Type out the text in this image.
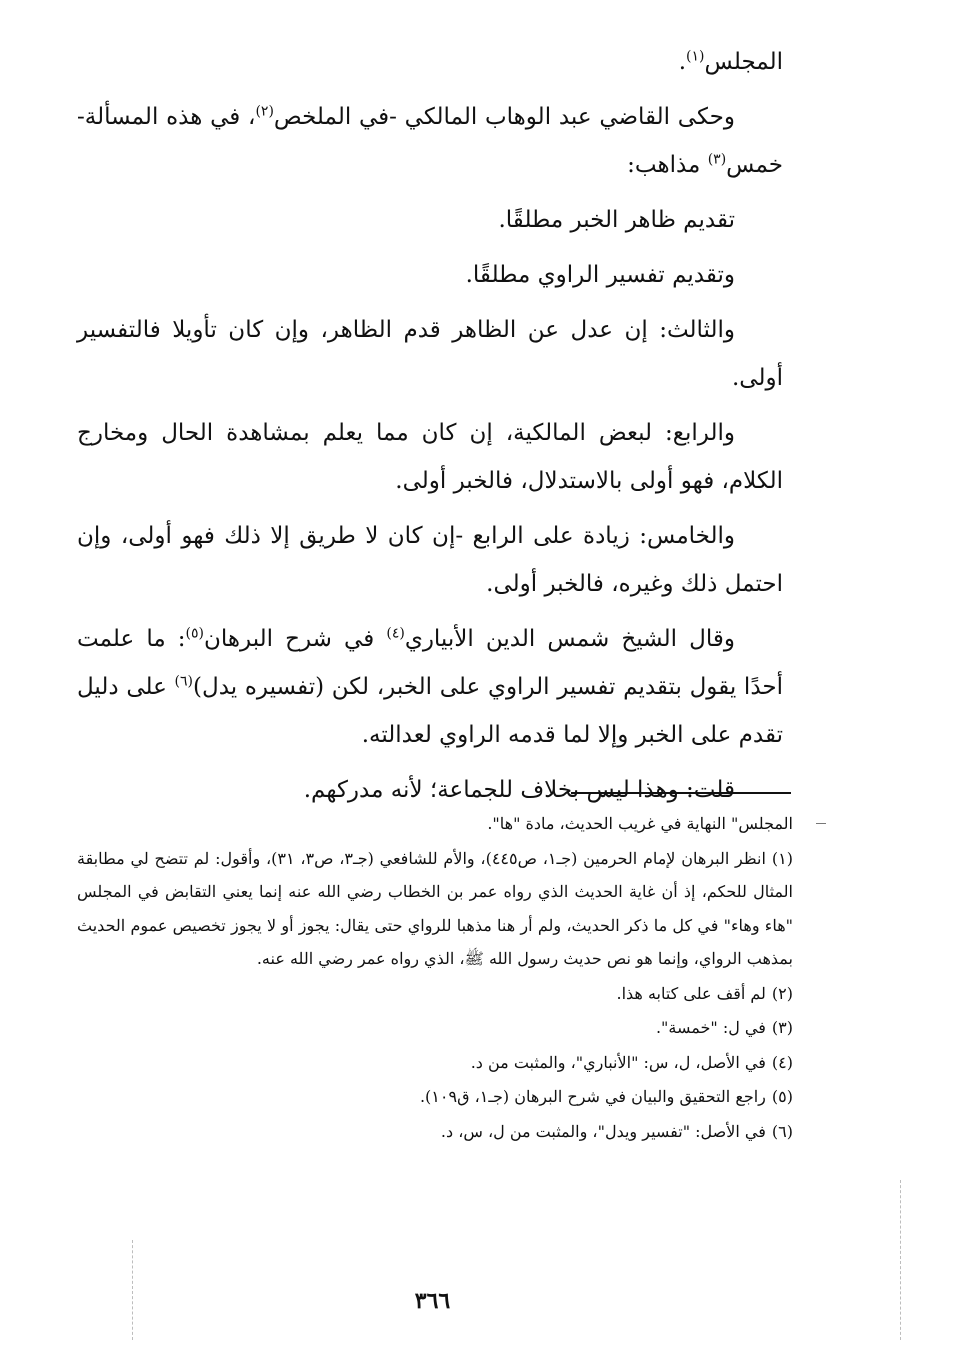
المجلس$^{(١)}$.

وحكى القاضي عبد الوهاب المالكي -في الملخص$^{(٢)}$، في هذه المسألة- خمس$^{(٣)}$ مذاهب:

تقديم ظاهر الخبر مطلقًا.

وتقديم تفسير الراوي مطلقًا.

والثالث: إن عدل عن الظاهر قدم الظاهر، وإن كان تأويلا فالتفسير أولى.

والرابع: لبعض المالكية، إن كان مما يعلم بمشاهدة الحال ومخارج الكلام، فهو أولى بالاستدلال، فالخبر أولى.

والخامس: زيادة على الرابع -إن كان لا طريق إلا ذلك فهو أولى، وإن احتمل ذلك وغيره، فالخبر أولى.

وقال الشيخ شمس الدين الأبياري$^{(٤)}$ في شرح البرهان$^{(٥)}$: ما علمت أحدًا يقول بتقديم تفسير الراوي على الخبر، لكن (تفسيره يدل)$^{(٦)}$ على دليل تقدم على الخبر وإلا لما قدمه الراوي لعدالته.

قلت: وهذا ليس بخلاف للجماعة؛ لأنه مدركهم.

المجلس" النهاية في غريب الحديث، مادة "ها".

(١)انظر البرهان لإمام الحرمين (جـ١، ص٤٤٥)، والأم للشافعي (جـ٣، ص٣، ٣١)، وأقول: لم تتضح لي مطابقة المثال للحكم، إذ أن غاية الحديث الذي رواه عمر بن الخطاب رضي الله عنه إنما يعني التقابض في المجلس "هاء وهاء" في كل ما ذكر الحديث، ولم أر هنا مذهبا للرواي حتى يقال: يجوز أو لا يجوز تخصيص عموم الحديث بمذهب الرواي، وإنما هو نص حديث رسول الله ﷺ، الذي رواه عمر رضي الله عنه.

(٢)لم أقف على كتابه هذا.

(٣)في ل: "خمسة".

(٤)في الأصل، ل، س: "الأنباري"، والمثبت من د.

(٥)راجع التحقيق والبيان في شرح البرهان (جـ١، ق١٠٩).

(٦)في الأصل: "تفسير ويدل"، والمثبت من ل، س، د.

٣٦٦
